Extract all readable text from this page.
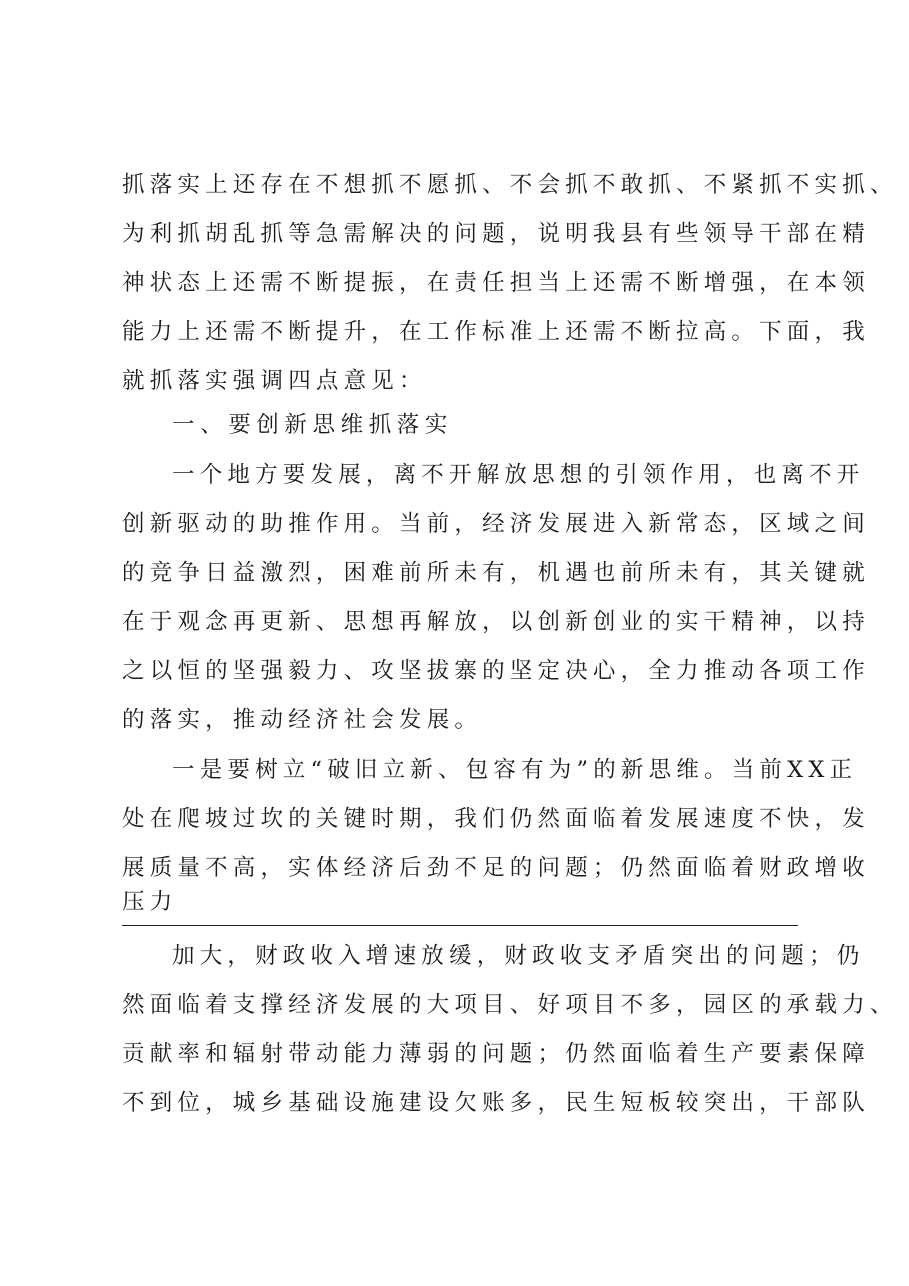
抓落实上还存在不想抓不愿抓、不会抓不敢抓、不紧抓不实抓、
为利抓胡乱抓等急需解决的问题，说明我县有些领导干部在精
神状态上还需不断提振，在责任担当上还需不断增强，在本领
能力上还需不断提升，在工作标准上还需不断拉高。下面，我
就抓落实强调四点意见：
一、要创新思维抓落实
一个地方要发展，离不开解放思想的引领作用，也离不开
创新驱动的助推作用。当前，经济发展进入新常态，区域之间
的竞争日益激烈，困难前所未有，机遇也前所未有，其关键就
在于观念再更新、思想再解放，以创新创业的实干精神，以持
之以恒的坚强毅力、攻坚拔寨的坚定决心，全力推动各项工作
的落实，推动经济社会发展。
一是要树立“破旧立新、包容有为”的新思维。当前XX正
处在爬坡过坎的关键时期，我们仍然面临着发展速度不快，发
展质量不高，实体经济后劲不足的问题；仍然面临着财政增收
压力
加大，财政收入增速放缓，财政收支矛盾突出的问题；仍
然面临着支撑经济发展的大项目、好项目不多，园区的承载力、
贡献率和辐射带动能力薄弱的问题；仍然面临着生产要素保障
不到位，城乡基础设施建设欠账多，民生短板较突出，干部队
